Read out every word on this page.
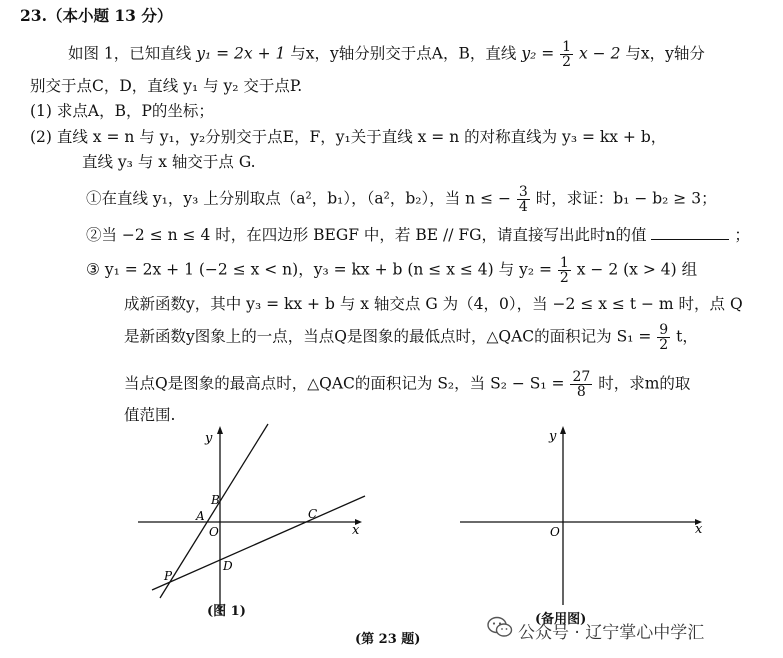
23.（本小题 13 分）
如图 1，已知直线 y₁ = 2x + 1 与x，y轴分别交于点A，B，直线 $y_2 = \frac{1}{2}$ x − 2 与x，y轴分
别交于点C，D，直线 y₁ 与 y₂ 交于点P.
(1) 求点A，B，P的坐标；
(2) 直线 x = n 与 y₁，y₂分别交于点E，F，y₁关于直线 x = n 的对称直线为 y₃ = kx + b，
直线 y₃ 与 x 轴交于点 G.
①在直线 y₁，y₃ 上分别取点（a²，b₁），（a²，b₂），当 n ≤ − $\frac{3}{4}$ 时，求证：b₁ − b₂ ≥ 3；
②当 −2 ≤ n ≤ 4 时，在四边形 BEGF 中，若 BE // FG，请直接写出此时n的值	；
③ y₁ = 2x + 1 (−2 ≤ x < n)，y₃ = kx + b (n ≤ x ≤ 4) 与 $y_2 = \frac{1}{2}$ x − 2 (x > 4) 组
成新函数y，其中 y₃ = kx + b 与 x 轴交点 G 为（4，0），当 −2 ≤ x ≤ t − m 时，点 Q
是新函数y图象上的一点，当点Q是图象的最低点时，△QAC的面积记为 $S_1 = \frac{9}{2}$ t，
当点Q是图象的最高点时，△QAC的面积记为 S₂，当 $S_2 - S_1 = \frac{27}{8}$ 时，求m的取
值范围.
y
x
B
A
O
C
D
P
(图 1)
y
x
O
(备用图)
(第 23 题)	公众号 · 辽宁掌心中学汇
